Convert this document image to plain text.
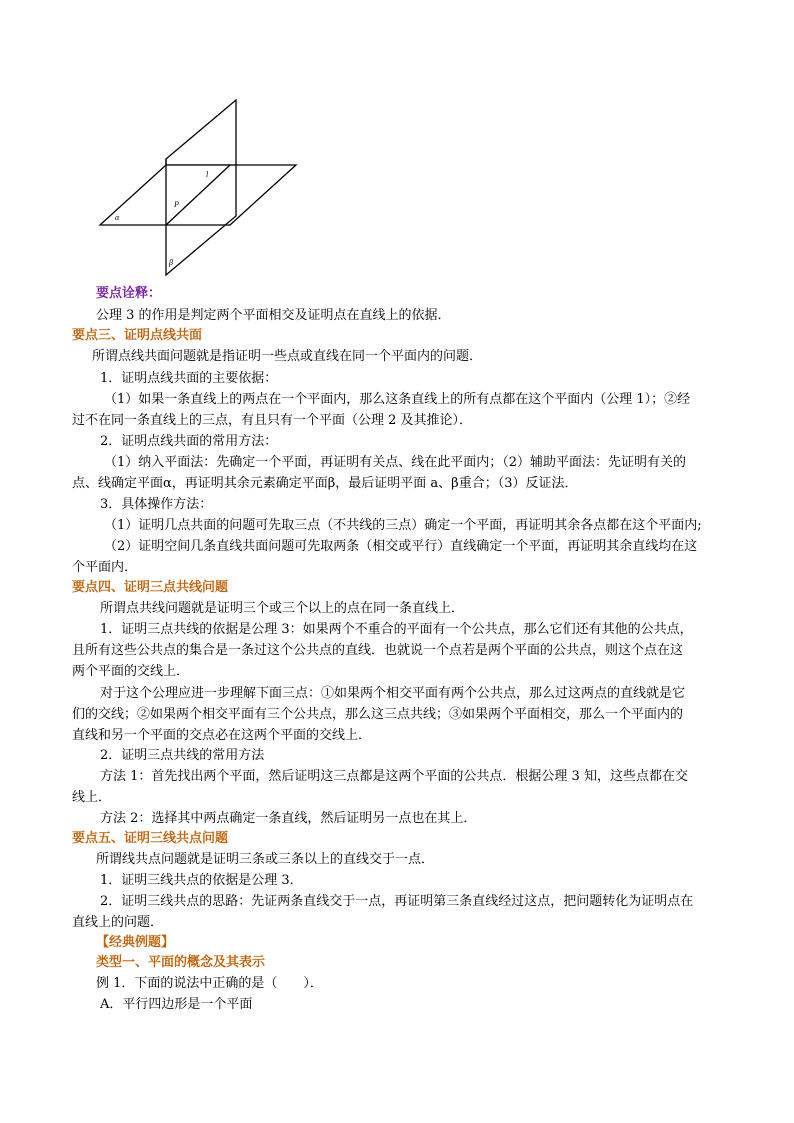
l
P
α
β
要点诠释：
公理 3 的作用是判定两个平面相交及证明点在直线上的依据．
要点三、证明点线共面
所谓点线共面问题就是指证明一些点或直线在同一个平面内的问题．
1．证明点线共面的主要依据：
（1）如果一条直线上的两点在一个平面内，那么这条直线上的所有点都在这个平面内（公理 1）；②经
过不在同一条直线上的三点，有且只有一个平面（公理 2 及其推论）．
2．证明点线共面的常用方法：
（1）纳入平面法：先确定一个平面，再证明有关点、线在此平面内；（2）辅助平面法：先证明有关的
点、线确定平面α，再证明其余元素确定平面β，最后证明平面 a、β重合；（3）反证法．
3．具体操作方法：
（1）证明几点共面的问题可先取三点（不共线的三点）确定一个平面，再证明其余各点都在这个平面内;
（2）证明空间几条直线共面问题可先取两条（相交或平行）直线确定一个平面，再证明其余直线均在这
个平面内．
要点四、证明三点共线问题
所谓点共线问题就是证明三个或三个以上的点在同一条直线上．
1．证明三点共线的依据是公理 3：如果两个不重合的平面有一个公共点，那么它们还有其他的公共点，
且所有这些公共点的集合是一条过这个公共点的直线．也就说一个点若是两个平面的公共点，则这个点在这
两个平面的交线上．
对于这个公理应进一步理解下面三点：①如果两个相交平面有两个公共点，那么过这两点的直线就是它
们的交线；②如果两个相交平面有三个公共点，那么这三点共线；③如果两个平面相交，那么一个平面内的
直线和另一个平面的交点必在这两个平面的交线上．
2．证明三点共线的常用方法
方法 1：首先找出两个平面，然后证明这三点都是这两个平面的公共点．根据公理 3 知，这些点都在交
线上．
方法 2：选择其中两点确定一条直线，然后证明另一点也在其上．
要点五、证明三线共点问题
所谓线共点问题就是证明三条或三条以上的直线交于一点．
1．证明三线共点的依据是公理 3．
2．证明三线共点的思路：先证两条直线交于一点，再证明第三条直线经过这点，把问题转化为证明点在
直线上的问题．
【经典例题】
类型一、平面的概念及其表示
例 1．下面的说法中正确的是（　　）．
A．平行四边形是一个平面
